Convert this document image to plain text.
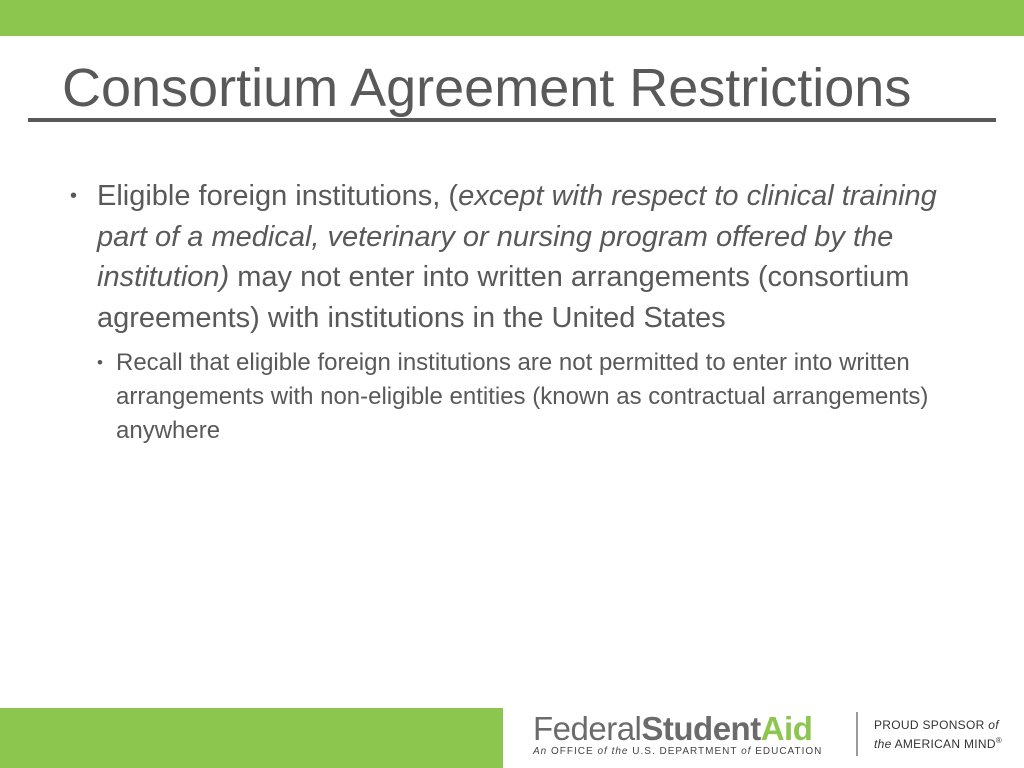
Consortium Agreement Restrictions
• Eligible foreign institutions, (except with respect to clinical training part of a medical, veterinary or nursing program offered by the institution) may not enter into written arrangements (consortium agreements) with institutions in the United States
• Recall that eligible foreign institutions are not permitted to enter into written arrangements with non-eligible entities (known as contractual arrangements) anywhere
FederalStudentAid
An OFFICE of the U.S. DEPARTMENT of EDUCATION
PROUD SPONSOR of
the AMERICAN MIND®
